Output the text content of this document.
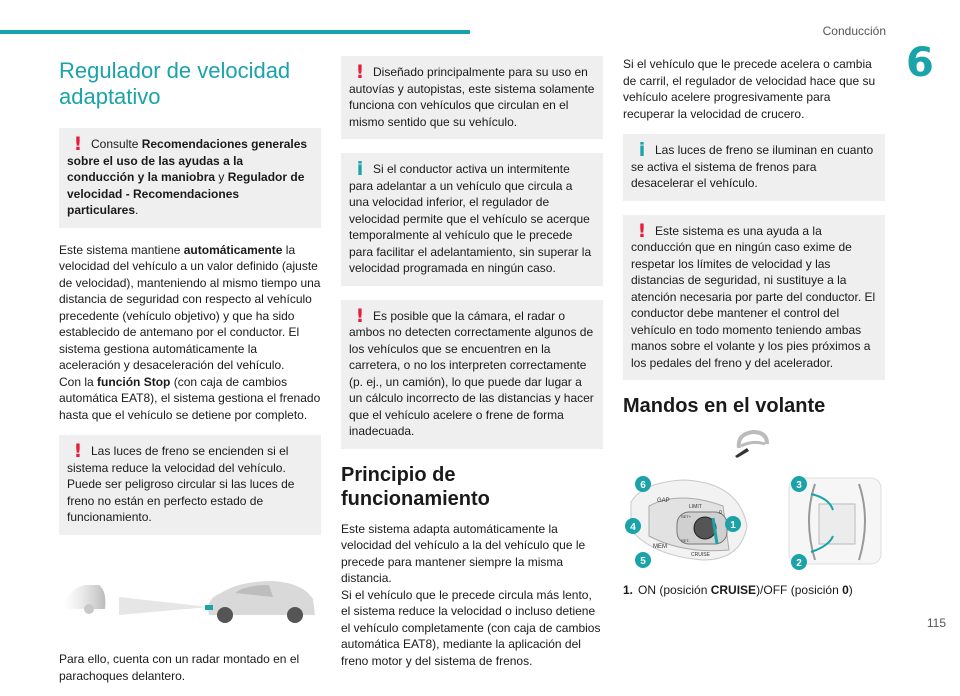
Conducción
6
Regulador de velocidad adaptativo
! Consulte Recomendaciones generales sobre el uso de las ayudas a la conducción y la maniobra y Regulador de velocidad - Recomendaciones particulares.

Este sistema mantiene automáticamente la velocidad del vehículo a un valor definido (ajuste de velocidad), manteniendo al mismo tiempo una distancia de seguridad con respecto al vehículo precedente (vehículo objetivo) y que ha sido establecido de antemano por el conductor. El sistema gestiona automáticamente la aceleración y desaceleración del vehículo.

Con la función Stop (con caja de cambios automática EAT8), el sistema gestiona el frenado hasta que el vehículo se detiene por completo.

! Las luces de freno se encienden si el sistema reduce la velocidad del vehículo. Puede ser peligroso circular si las luces de freno no están en perfecto estado de funcionamiento.

Para ello, cuenta con un radar montado en el parachoques delantero.

! Diseñado principalmente para su uso en autovías y autopistas, este sistema solamente funciona con vehículos que circulan en el mismo sentido que su vehículo.

i Si el conductor activa un intermitente para adelantar a un vehículo que circula a una velocidad inferior, el regulador de velocidad permite que el vehículo se acerque temporalmente al vehículo que le precede para facilitar el adelantamiento, sin superar la velocidad programada en ningún caso.

! Es posible que la cámara, el radar o ambos no detecten correctamente algunos de los vehículos que se encuentren en la carretera, o no los interpreten correctamente (p. ej., un camión), lo que puede dar lugar a un cálculo incorrecto de las distancias y hacer que el vehículo acelere o frene de forma inadecuada.

Principio de funcionamiento

Este sistema adapta automáticamente la velocidad del vehículo a la del vehículo que le precede para mantener siempre la misma distancia.

Si el vehículo que le precede circula más lento, el sistema reduce la velocidad o incluso detiene el vehículo completamente (con caja de cambios automática EAT8), mediante la aplicación del freno motor y del sistema de frenos.

Si el vehículo que le precede acelera o cambia de carril, el regulador de velocidad hace que su vehículo acelere progresivamente para recuperar la velocidad de crucero.

i Las luces de freno se iluminan en cuanto se activa el sistema de frenos para desacelerar el vehículo.

! Este sistema es una ayuda a la conducción que en ningún caso exime de respetar los límites de velocidad y las distancias de seguridad, ni sustituye a la atención necesaria por parte del conductor. El conductor debe mantener el control del vehículo en todo momento teniendo ambas manos sobre el volante y los pies próximos a los pedales del freno y del acelerador.

Mandos en el volante
GAP
MEM
LIMIT
CRUISE
SET+
SET-
0
6
4
5
1
3
2

1. ON (posición CRUISE)/OFF (posición 0)

115
